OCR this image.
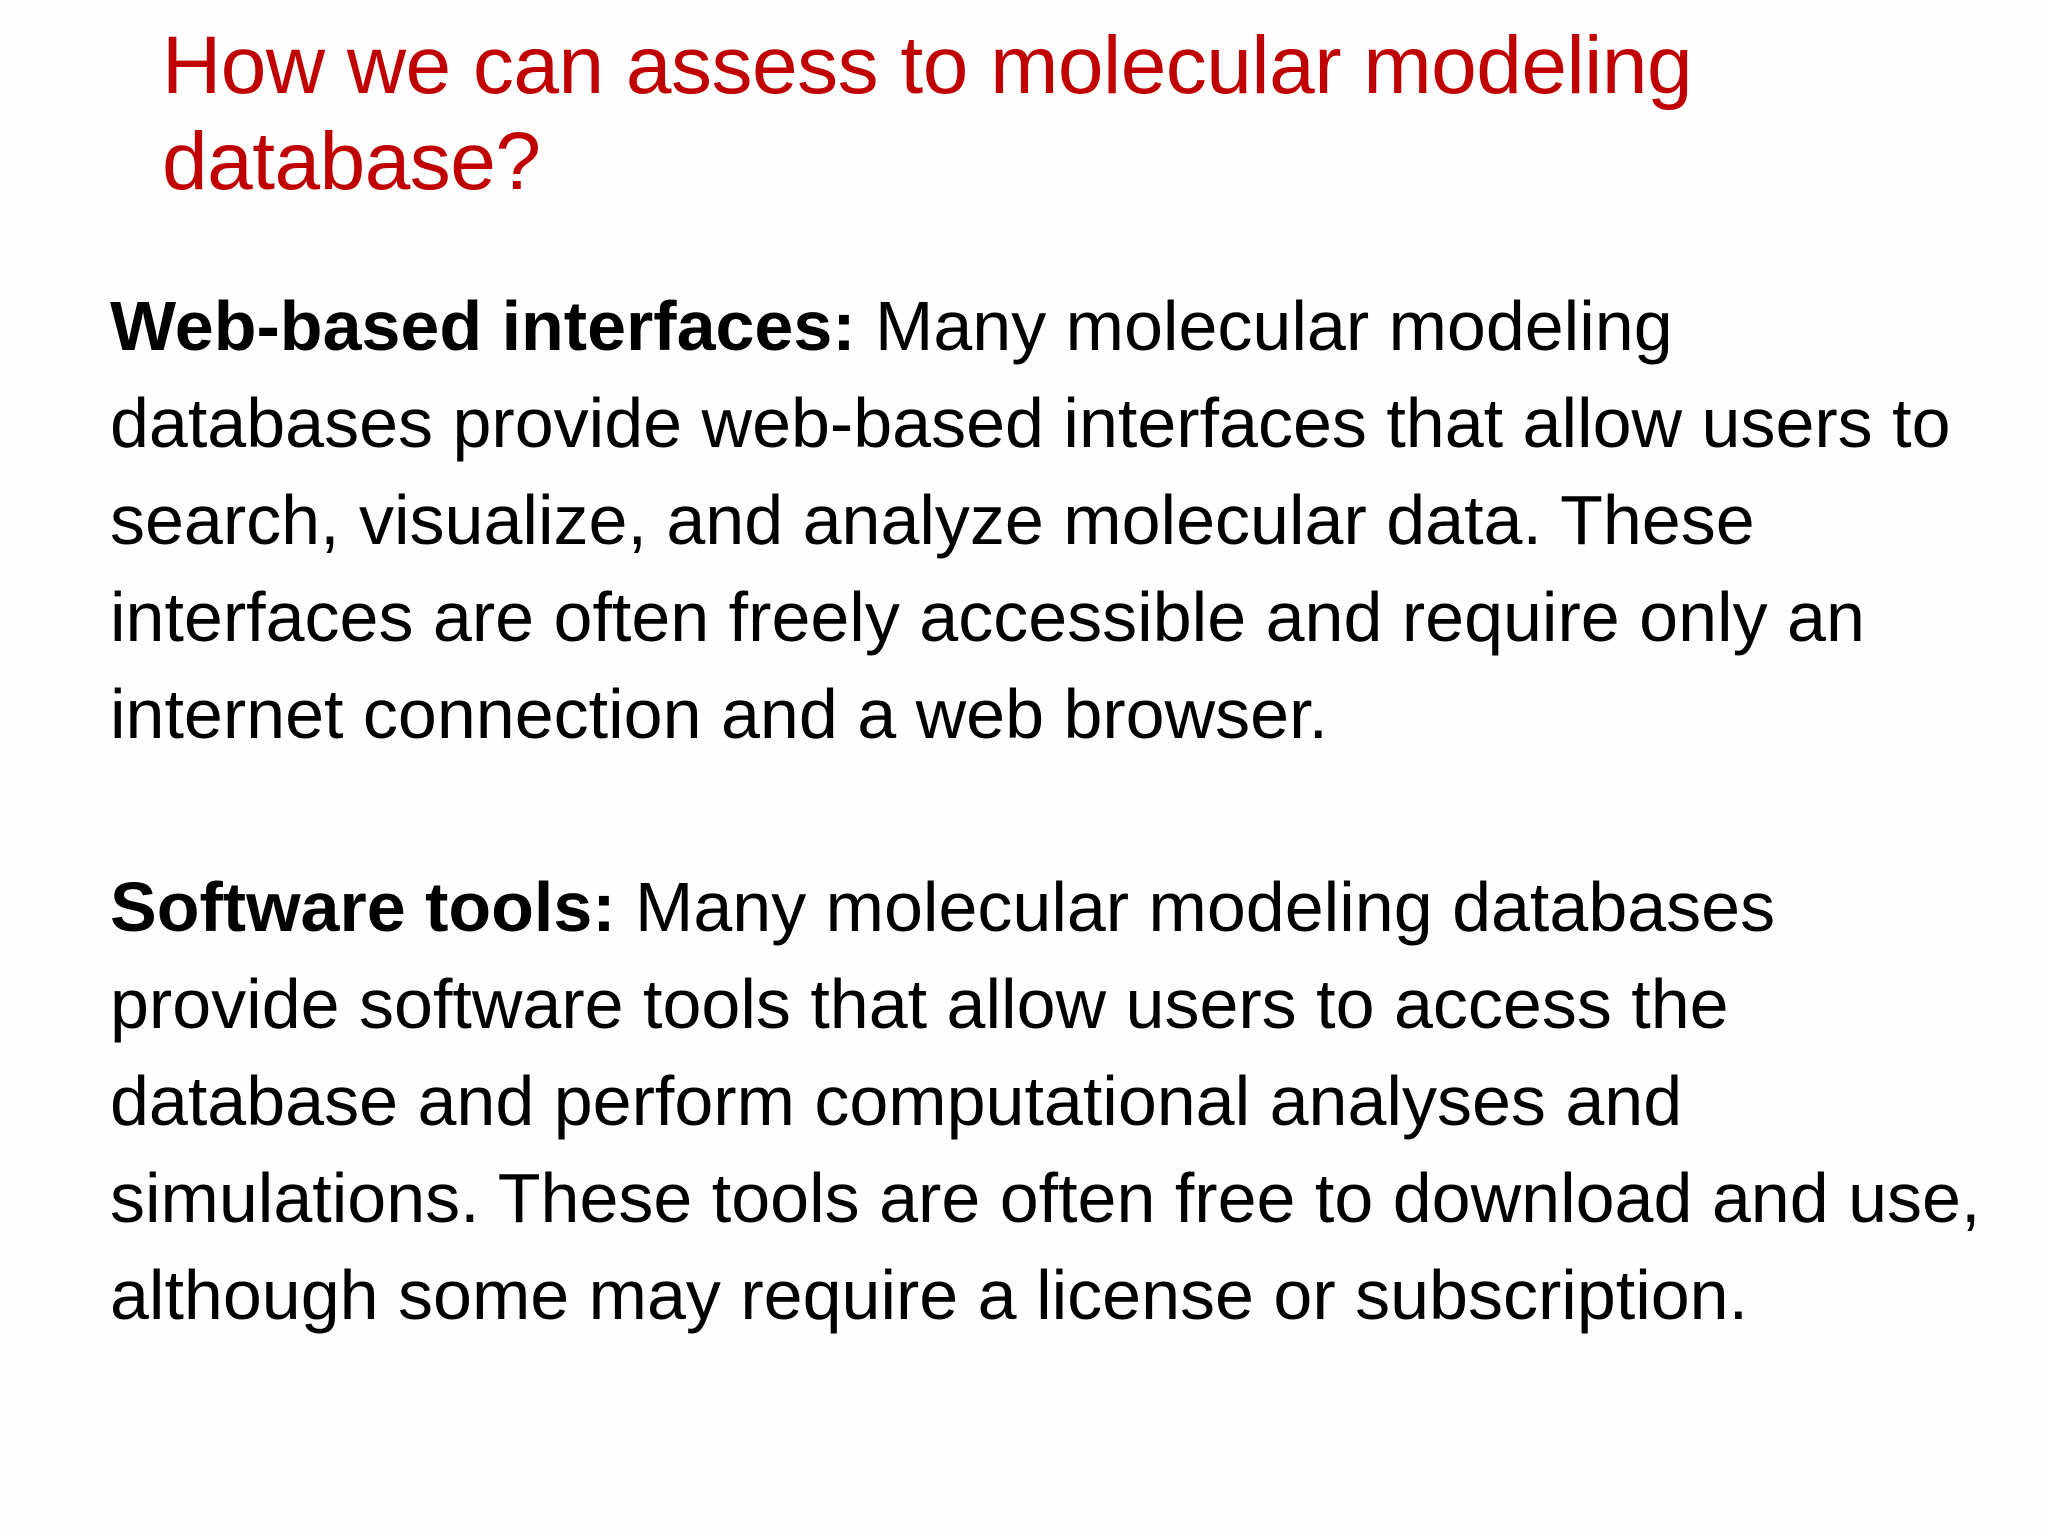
How we can assess to molecular modeling database?

Web-based interfaces: Many molecular modeling databases provide web-based interfaces that allow users to search, visualize, and analyze molecular data. These interfaces are often freely accessible and require only an internet connection and a web browser.

Software tools: Many molecular modeling databases provide software tools that allow users to access the database and perform computational analyses and simulations. These tools are often free to download and use, although some may require a license or subscription.
